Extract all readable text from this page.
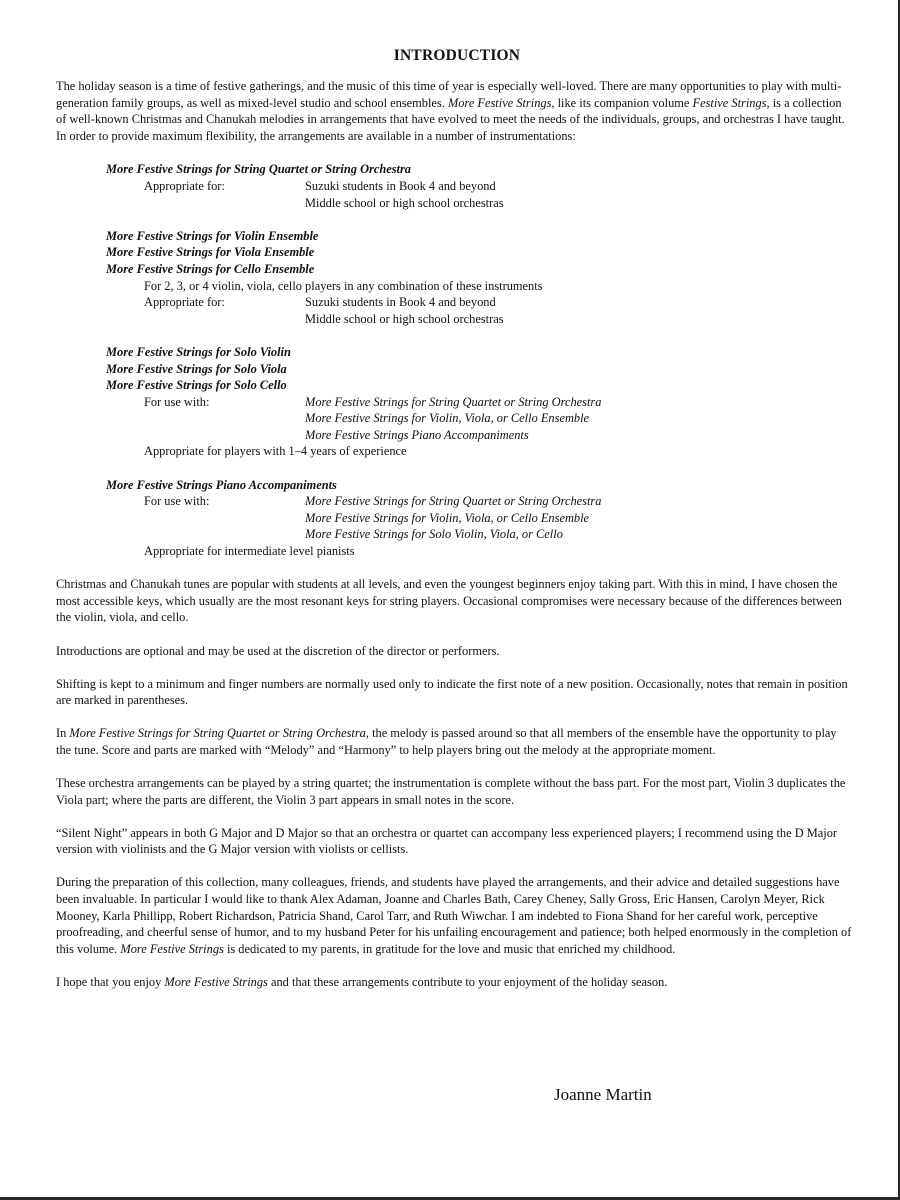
INTRODUCTION

The holiday season is a time of festive gatherings, and the music of this time of year is especially well-loved. There are many opportunities to play with multi-generation family groups, as well as mixed-level studio and school ensembles. More Festive Strings, like its companion volume Festive Strings, is a collection of well-known Christmas and Chanukah melodies in arrangements that have evolved to meet the needs of the individuals, groups, and orchestras I have taught. In order to provide maximum flexibility, the arrangements are available in a number of instrumentations:

More Festive Strings for String Quartet or String Orchestra
Appropriate for:	Suzuki students in Book 4 and beyond
Middle school or high school orchestras
More Festive Strings for Violin Ensemble
More Festive Strings for Viola Ensemble
More Festive Strings for Cello Ensemble
For 2, 3, or 4 violin, viola, cello players in any combination of these instruments
Appropriate for:	Suzuki students in Book 4 and beyond
Middle school or high school orchestras
More Festive Strings for Solo Violin
More Festive Strings for Solo Viola
More Festive Strings for Solo Cello
For use with:	More Festive Strings for String Quartet or String Orchestra
More Festive Strings for Violin, Viola, or Cello Ensemble
More Festive Strings Piano Accompaniments
Appropriate for players with 1–4 years of experience
More Festive Strings Piano Accompaniments
For use with:	More Festive Strings for String Quartet or String Orchestra
More Festive Strings for Violin, Viola, or Cello Ensemble
More Festive Strings for Solo Violin, Viola, or Cello
Appropriate for intermediate level pianists

Christmas and Chanukah tunes are popular with students at all levels, and even the youngest beginners enjoy taking part. With this in mind, I have chosen the most accessible keys, which usually are the most resonant keys for string players. Occasional compromises were necessary because of the differences between the violin, viola, and cello.

Introductions are optional and may be used at the discretion of the director or performers.

Shifting is kept to a minimum and finger numbers are normally used only to indicate the first note of a new position. Occasionally, notes that remain in position are marked in parentheses.

In More Festive Strings for String Quartet or String Orchestra, the melody is passed around so that all members of the ensemble have the opportunity to play the tune. Score and parts are marked with “Melody” and “Harmony” to help players bring out the melody at the appropriate moment.

These orchestra arrangements can be played by a string quartet; the instrumentation is complete without the bass part. For the most part, Violin 3 duplicates the Viola part; where the parts are different, the Violin 3 part appears in small notes in the score.

“Silent Night” appears in both G Major and D Major so that an orchestra or quartet can accompany less experienced players; I recommend using the D Major version with violinists and the G Major version with violists or cellists.

During the preparation of this collection, many colleagues, friends, and students have played the arrangements, and their advice and detailed suggestions have been invaluable. In particular I would like to thank Alex Adaman, Joanne and Charles Bath, Carey Cheney, Sally Gross, Eric Hansen, Carolyn Meyer, Rick Mooney, Karla Phillipp, Robert Richardson, Patricia Shand, Carol Tarr, and Ruth Wiwchar. I am indebted to Fiona Shand for her careful work, perceptive proofreading, and cheerful sense of humor, and to my husband Peter for his unfailing encouragement and patience; both helped enormously in the completion of this volume. More Festive Strings is dedicated to my parents, in gratitude for the love and music that enriched my childhood.

I hope that you enjoy More Festive Strings and that these arrangements contribute to your enjoyment of the holiday season.

Joanne Martin
